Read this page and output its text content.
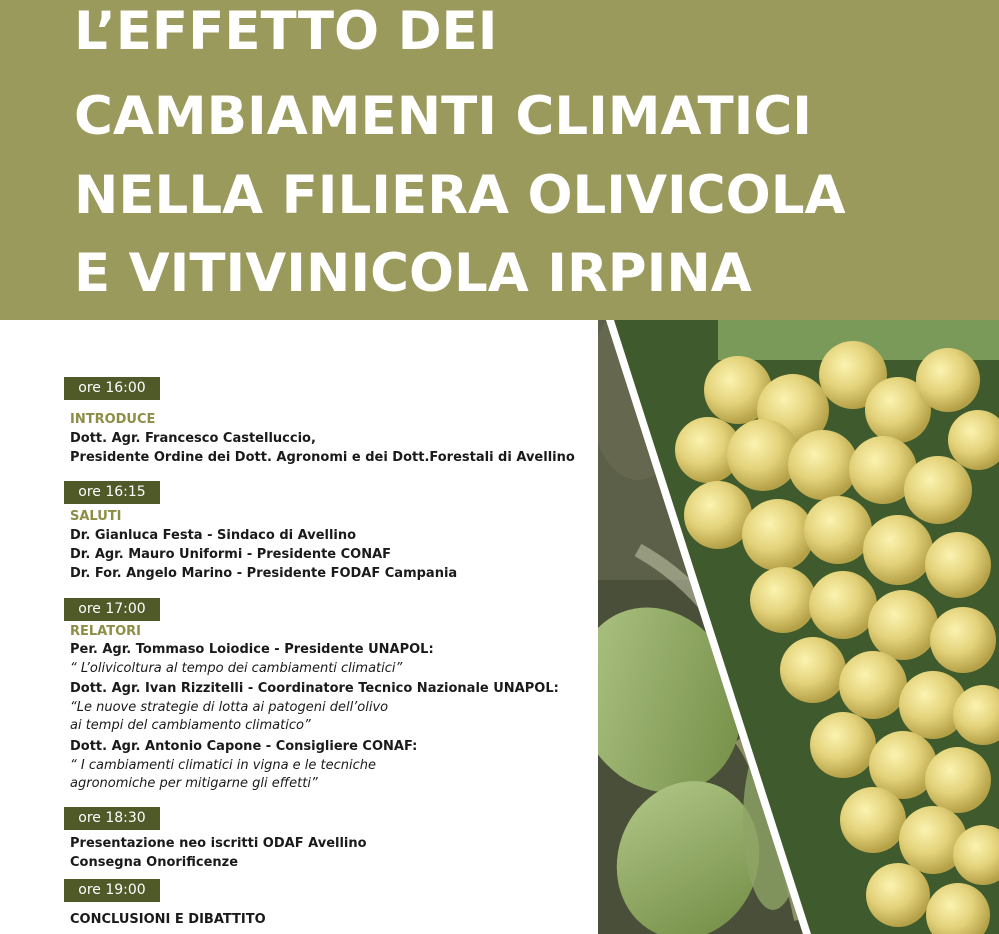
L’EFFETTO DEI
CAMBIAMENTI CLIMATICI
NELLA FILIERA OLIVICOLA
E VITIVINICOLA IRPINA
ore 16:00
INTRODUCE
Dott. Agr. Francesco Castelluccio,
Presidente Ordine dei Dott. Agronomi e dei Dott.Forestali di Avellino
ore 16:15
SALUTI
Dr. Gianluca Festa - Sindaco di Avellino
Dr. Agr. Mauro Uniformi - Presidente CONAF
Dr. For. Angelo Marino - Presidente FODAF Campania
ore 17:00
RELATORI
Per. Agr. Tommaso Loiodice - Presidente UNAPOL:
“ L’olivicoltura al tempo dei cambiamenti climatici”
Dott. Agr. Ivan Rizzitelli - Coordinatore Tecnico Nazionale UNAPOL:
“Le nuove strategie di lotta ai patogeni dell’olivo
ai tempi del cambiamento climatico”
Dott. Agr. Antonio Capone - Consigliere CONAF:
“ I cambiamenti climatici in vigna e le tecniche
agronomiche per mitigarne gli effetti”
ore 18:30
Presentazione neo iscritti ODAF Avellino
Consegna Onorificenze
ore 19:00
CONCLUSIONI E DIBATTITO
